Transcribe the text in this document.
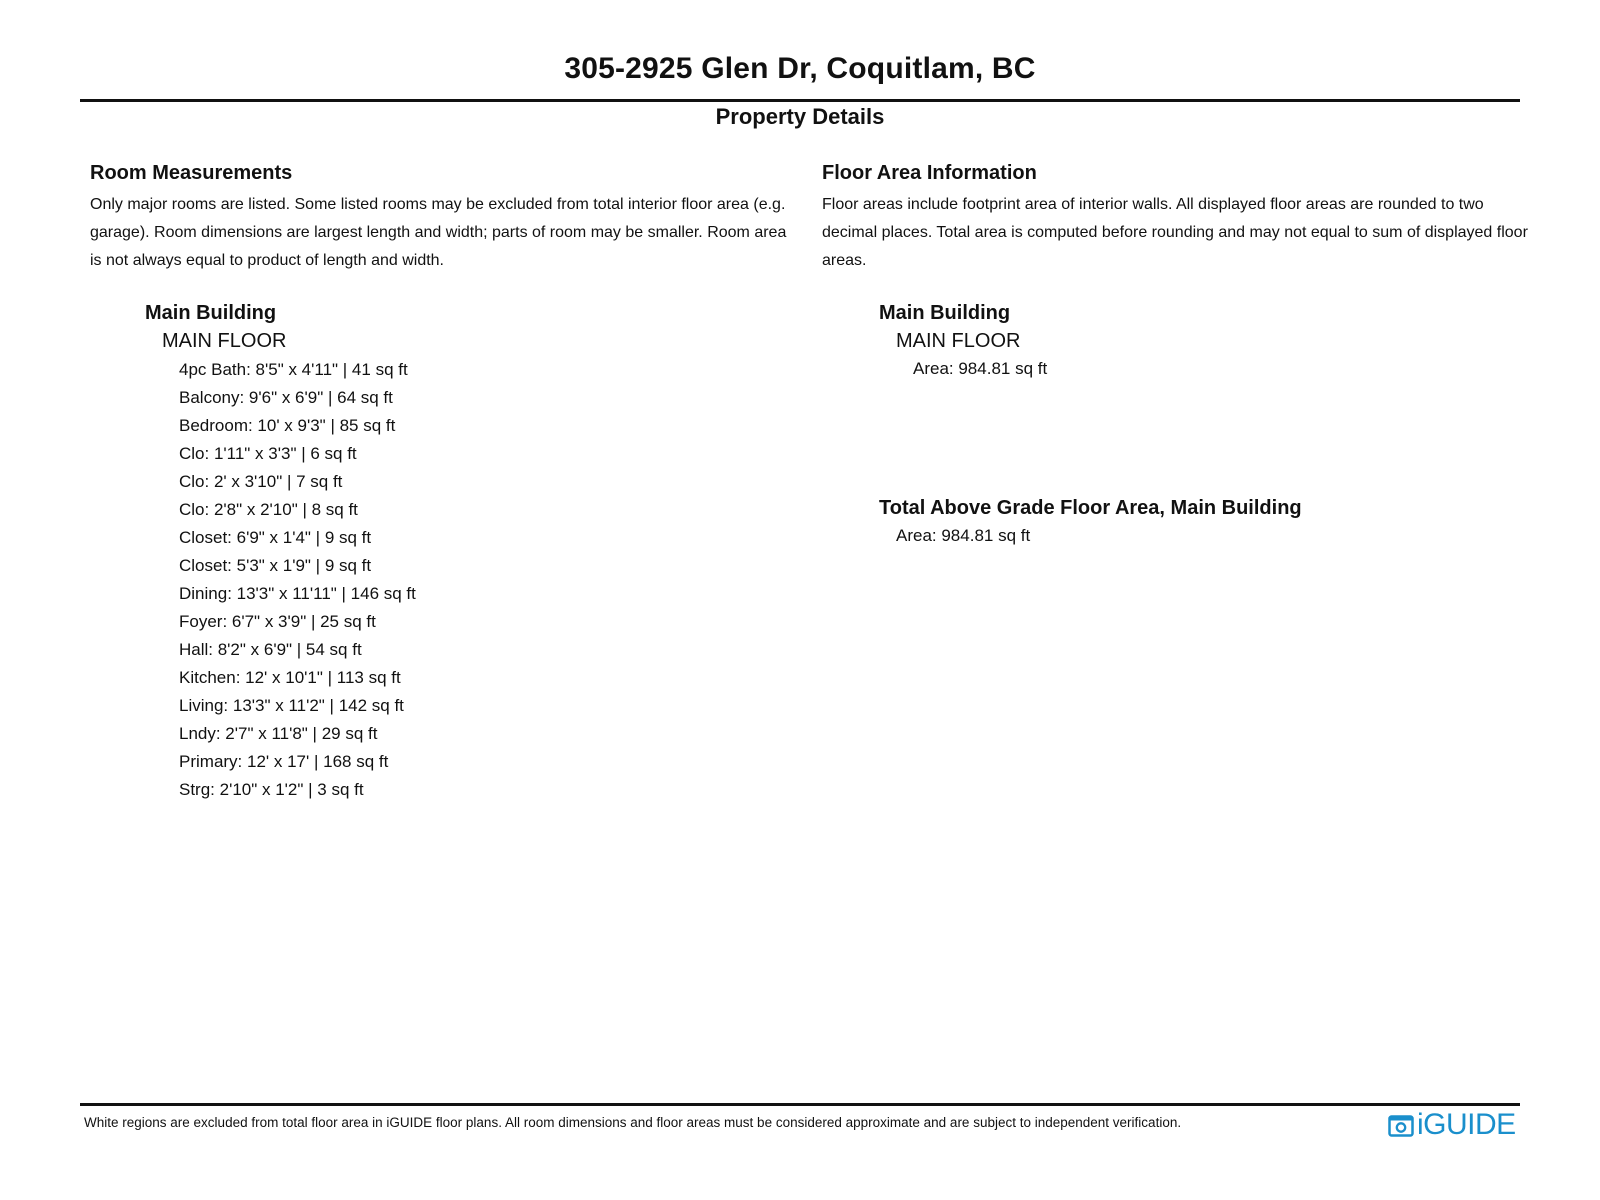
305-2925 Glen Dr, Coquitlam, BC
Property Details
Room Measurements

Only major rooms are listed. Some listed rooms may be excluded from total interior floor area (e.g. garage). Room dimensions are largest length and width; parts of room may be smaller. Room area is not always equal to product of length and width.

Main Building
MAIN FLOOR
4pc Bath: 8'5" x 4'11" | 41 sq ft
Balcony: 9'6" x 6'9" | 64 sq ft
Bedroom: 10' x 9'3" | 85 sq ft
Clo: 1'11" x 3'3" | 6 sq ft
Clo: 2' x 3'10" | 7 sq ft
Clo: 2'8" x 2'10" | 8 sq ft
Closet: 6'9" x 1'4" | 9 sq ft
Closet: 5'3" x 1'9" | 9 sq ft
Dining: 13'3" x 11'11" | 146 sq ft
Foyer: 6'7" x 3'9" | 25 sq ft
Hall: 8'2" x 6'9" | 54 sq ft
Kitchen: 12' x 10'1" | 113 sq ft
Living: 13'3" x 11'2" | 142 sq ft
Lndy: 2'7" x 11'8" | 29 sq ft
Primary: 12' x 17' | 168 sq ft
Strg: 2'10" x 1'2" | 3 sq ft
Floor Area Information

Floor areas include footprint area of interior walls. All displayed floor areas are rounded to two decimal places. Total area is computed before rounding and may not equal to sum of displayed floor areas.

Main Building
MAIN FLOOR
Area: 984.81 sq ft
Total Above Grade Floor Area, Main Building
Area: 984.81 sq ft

White regions are excluded from total floor area in iGUIDE floor plans. All room dimensions and floor areas must be considered approximate and are subject to independent verification.	iGUIDE
